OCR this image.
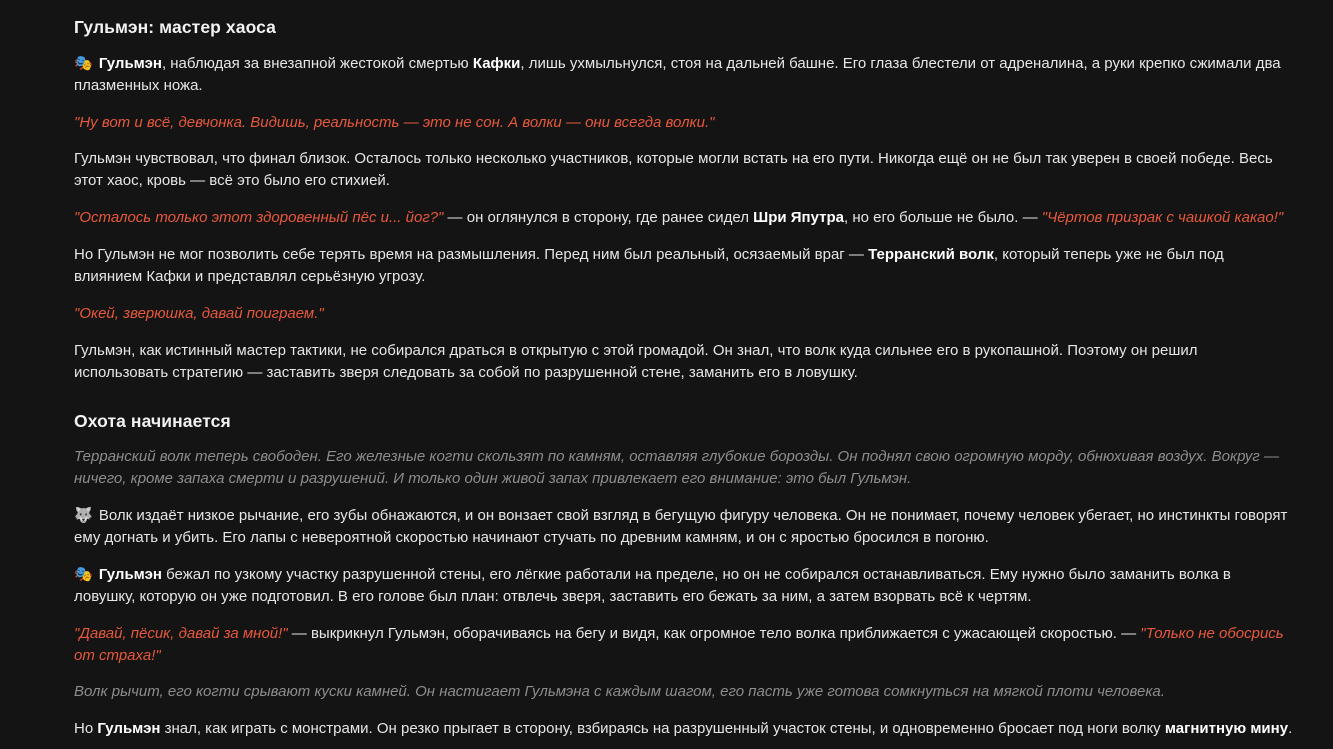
Гульмэн: мастер хаоса

🎭 Гульмэн, наблюдая за внезапной жестокой смертью Кафки, лишь ухмыльнулся, стоя на дальней башне. Его глаза блестели от адреналина, а руки крепко сжимали два плазменных ножа.

"Ну вот и всё, девчонка. Видишь, реальность — это не сон. А волки — они всегда волки."

Гульмэн чувствовал, что финал близок. Осталось только несколько участников, которые могли встать на его пути. Никогда ещё он не был так уверен в своей победе. Весь этот хаос, кровь — всё это было его стихией.

"Осталось только этот здоровенный пёс и... йог?" — он оглянулся в сторону, где ранее сидел Шри Япутра, но его больше не было. — "Чёртов призрак с чашкой какао!"

Но Гульмэн не мог позволить себе терять время на размышления. Перед ним был реальный, осязаемый враг — Терранский волк, который теперь уже не был под влиянием Кафки и представлял серьёзную угрозу.

"Окей, зверюшка, давай поиграем."

Гульмэн, как истинный мастер тактики, не собирался драться в открытую с этой громадой. Он знал, что волк куда сильнее его в рукопашной. Поэтому он решил использовать стратегию — заставить зверя следовать за собой по разрушенной стене, заманить его в ловушку.

Охота начинается

Терранский волк теперь свободен. Его железные когти скользят по камням, оставляя глубокие борозды. Он поднял свою огромную морду, обнюхивая воздух. Вокруг — ничего, кроме запаха смерти и разрушений. И только один живой запах привлекает его внимание: это был Гульмэн.

🐺 Волк издаёт низкое рычание, его зубы обнажаются, и он вонзает свой взгляд в бегущую фигуру человека. Он не понимает, почему человек убегает, но инстинкты говорят ему догнать и убить. Его лапы с невероятной скоростью начинают стучать по древним камням, и он с яростью бросился в погоню.

🎭 Гульмэн бежал по узкому участку разрушенной стены, его лёгкие работали на пределе, но он не собирался останавливаться. Ему нужно было заманить волка в ловушку, которую он уже подготовил. В его голове был план: отвлечь зверя, заставить его бежать за ним, а затем взорвать всё к чертям.

"Давай, пёсик, давай за мной!" — выкрикнул Гульмэн, оборачиваясь на бегу и видя, как огромное тело волка приближается с ужасающей скоростью. — "Только не обосрись от страха!"

Волк рычит, его когти срывают куски камней. Он настигает Гульмэна с каждым шагом, его пасть уже готова сомкнуться на мягкой плоти человека.

Но Гульмэн знал, как играть с монстрами. Он резко прыгает в сторону, взбираясь на разрушенный участок стены, и одновременно бросает под ноги волку магнитную мину.
